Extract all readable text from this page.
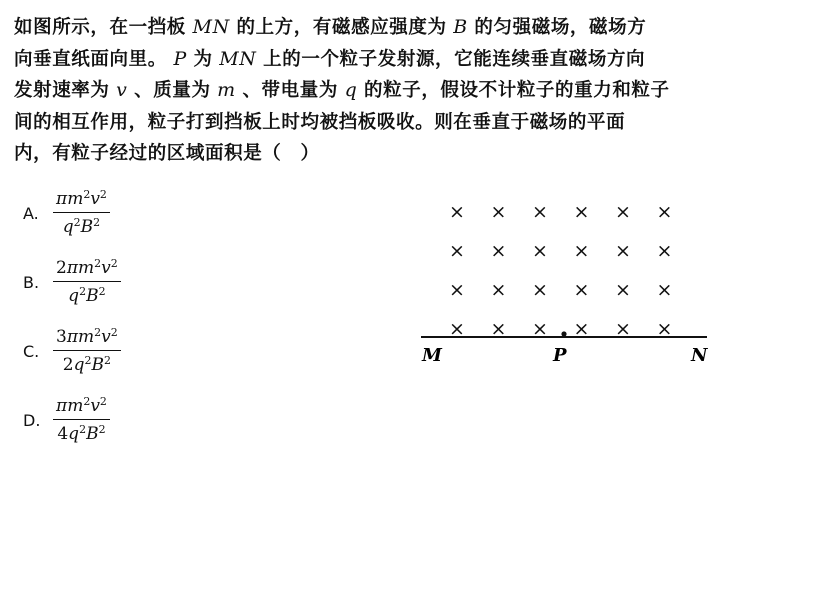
如图所示，在一挡板 MN 的上方，有磁感应强度为 B 的匀强磁场，磁场方
向垂直纸面向里。 P 为 MN 上的一个粒子发射源，它能连续垂直磁场方向
发射速率为 v 、质量为 m 、带电量为 q 的粒子，假设不计粒子的重力和粒子
间的相互作用，粒子打到挡板上时均被挡板吸收。则在垂直于磁场的平面
内，有粒子经过的区域面积是（　）
A. $\frac{\pi m^2v^2}{q^2B^2}$
B. $\frac{2\pi m^2v^2}{q^2B^2}$
C. $\frac{3\pi m^2v^2}{2q^2B^2}$
D. $\frac{\pi m^2v^2}{4q^2B^2}$
× × × × × ×
× × × × × ×
× × × × × ×
× × × × × ×
M	P	N
